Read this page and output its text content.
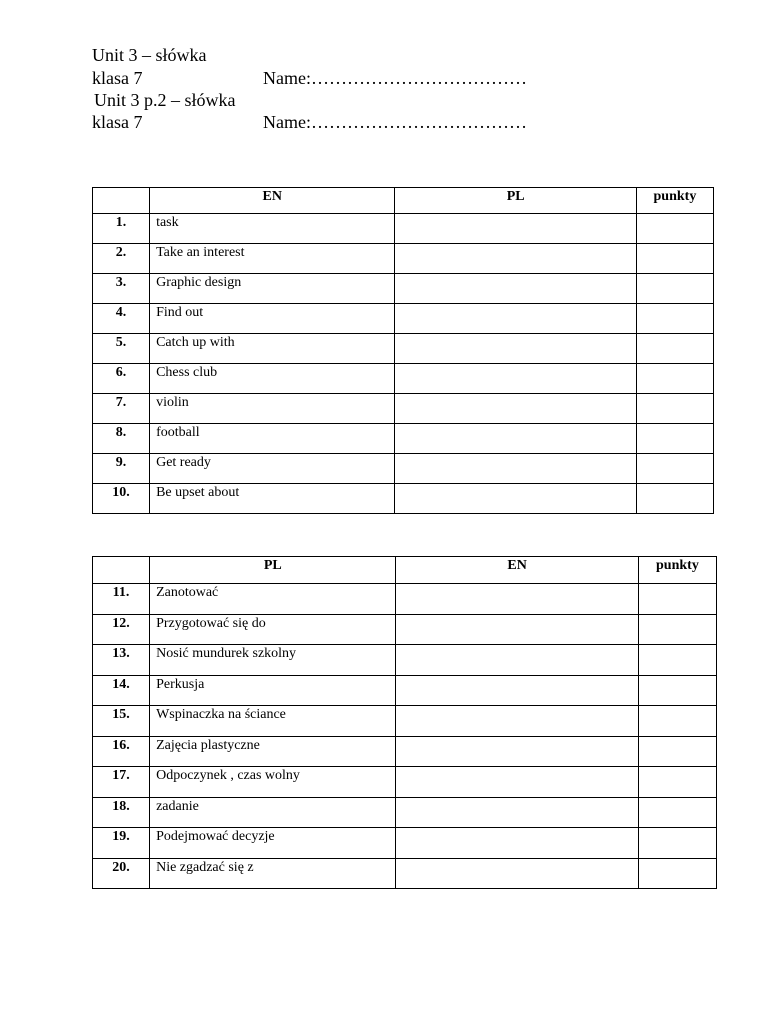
Unit 3 – słówka
klasa 7	Name:………………………………
Unit 3 p.2 – słówka
klasa 7	Name:………………………………
	EN	PL	punkty
1.	task		
2.	Take an interest		
3.	Graphic design		
4.	Find out		
5.	Catch up with		
6.	Chess club		
7.	violin		
8.	football		
9.	Get ready		
10.	Be upset about		
	PL	EN	punkty
11.	Zanotować		
12.	Przygotować się do		
13.	Nosić mundurek szkolny		
14.	Perkusja		
15.	Wspinaczka na ściance		
16.	Zajęcia plastyczne		
17.	Odpoczynek , czas wolny		
18.	zadanie		
19.	Podejmować decyzje		
20.	Nie zgadzać się z		
